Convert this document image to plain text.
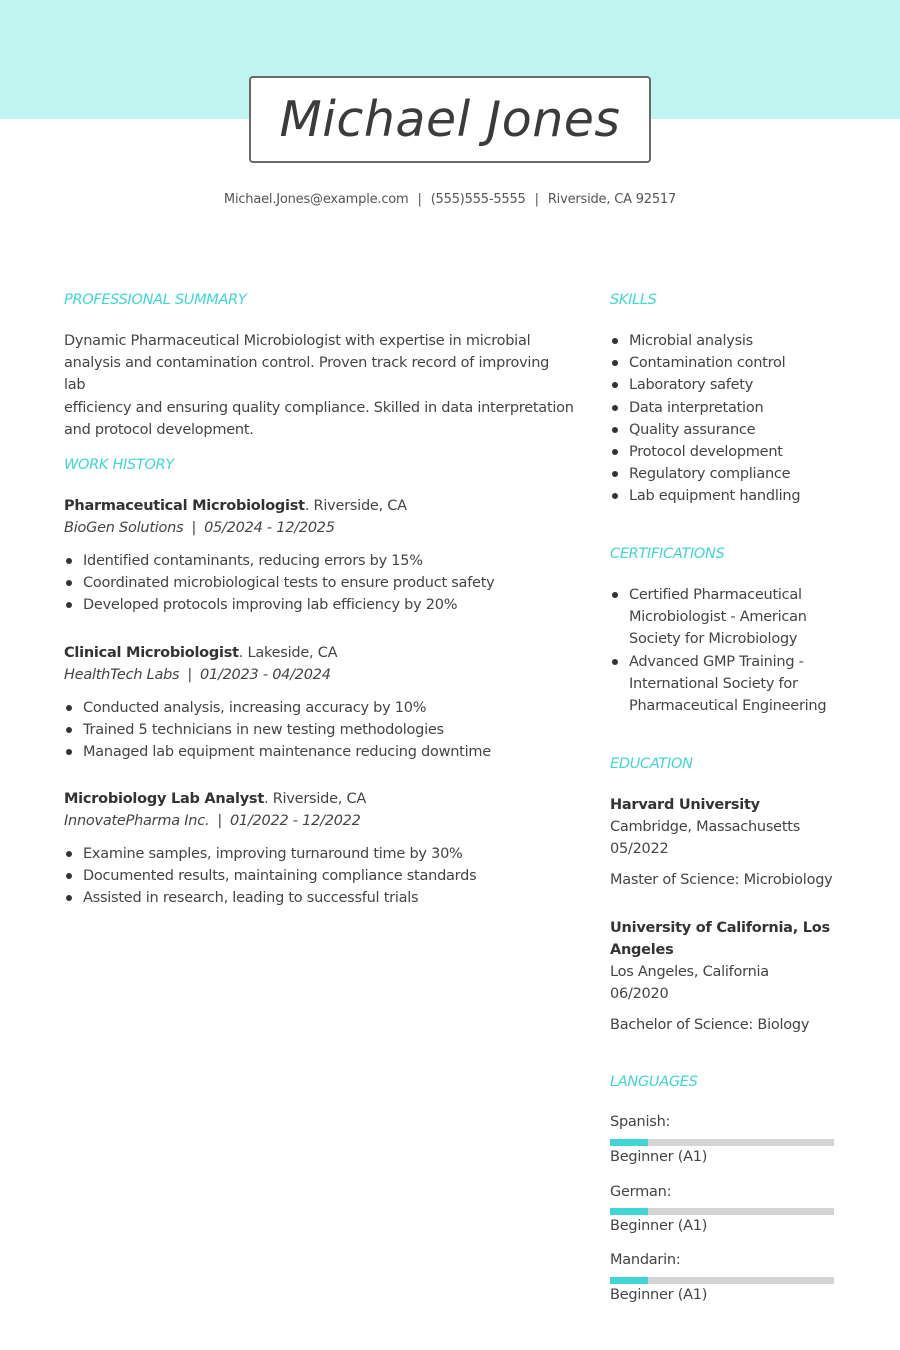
Michael Jones
Michael.Jones@example.com | (555)555-5555 | Riverside, CA 92517
PROFESSIONAL SUMMARY
Dynamic Pharmaceutical Microbiologist with expertise in microbial
analysis and contamination control. Proven track record of improving lab
efficiency and ensuring quality compliance. Skilled in data interpretation
and protocol development.
WORK HISTORY
Pharmaceutical Microbiologist. Riverside, CA
BioGen Solutions | 05/2024 - 12/2025
Identified contaminants, reducing errors by 15%
Coordinated microbiological tests to ensure product safety
Developed protocols improving lab efficiency by 20%
Clinical Microbiologist. Lakeside, CA
HealthTech Labs | 01/2023 - 04/2024
Conducted analysis, increasing accuracy by 10%
Trained 5 technicians in new testing methodologies
Managed lab equipment maintenance reducing downtime
Microbiology Lab Analyst. Riverside, CA
InnovatePharma Inc. | 01/2022 - 12/2022
Examine samples, improving turnaround time by 30%
Documented results, maintaining compliance standards
Assisted in research, leading to successful trials
SKILLS
Microbial analysis
Contamination control
Laboratory safety
Data interpretation
Quality assurance
Protocol development
Regulatory compliance
Lab equipment handling
CERTIFICATIONS
Certified Pharmaceutical
Microbiologist - American
Society for Microbiology
Advanced GMP Training -
International Society for
Pharmaceutical Engineering
EDUCATION
Harvard University
Cambridge, Massachusetts
05/2022
Master of Science: Microbiology
University of California, Los
Angeles
Los Angeles, California
06/2020
Bachelor of Science: Biology
LANGUAGES
Spanish:
Beginner (A1)
German:
Beginner (A1)
Mandarin:
Beginner (A1)
